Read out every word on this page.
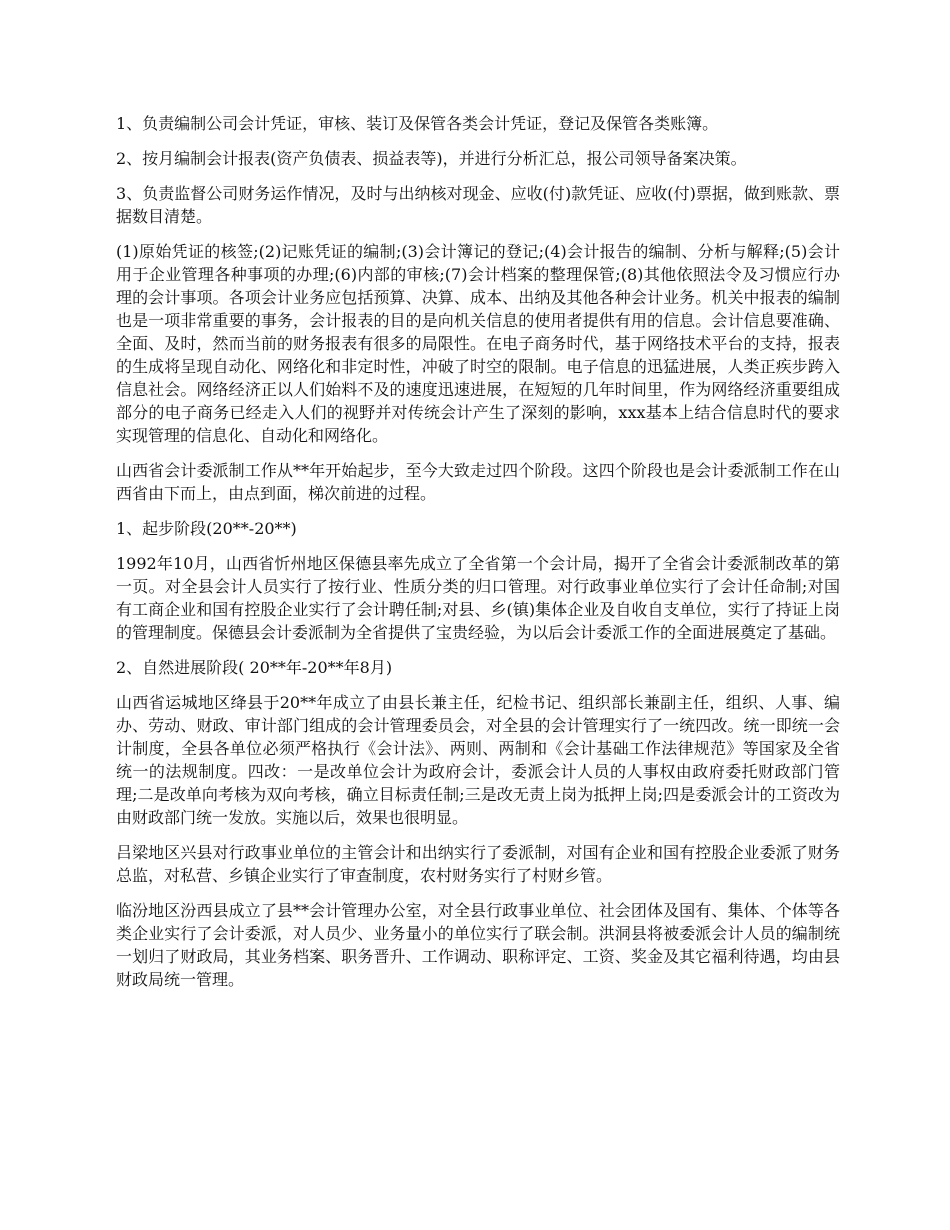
1、负责编制公司会计凭证，审核、装订及保管各类会计凭证，登记及保管各类账簿。

2、按月编制会计报表(资产负债表、损益表等)，并进行分析汇总，报公司领导备案决策。

3、负责监督公司财务运作情况，及时与出纳核对现金、应收(付)款凭证、应收(付)票据，做到账款、票据数目清楚。

(1)原始凭证的核签;(2)记账凭证的编制;(3)会计簿记的登记;(4)会计报告的编制、分析与解释;(5)会计用于企业管理各种事项的办理;(6)内部的审核;(7)会计档案的整理保管;(8)其他依照法令及习惯应行办理的会计事项。各项会计业务应包括预算、决算、成本、出纳及其他各种会计业务。机关中报表的编制也是一项非常重要的事务，会计报表的目的是向机关信息的使用者提供有用的信息。会计信息要准确、全面、及时，然而当前的财务报表有很多的局限性。在电子商务时代，基于网络技术平台的支持，报表的生成将呈现自动化、网络化和非定时性，冲破了时空的限制。电子信息的迅猛进展，人类正疾步跨入信息社会。网络经济正以人们始料不及的速度迅速进展，在短短的几年时间里，作为网络经济重要组成部分的电子商务已经走入人们的视野并对传统会计产生了深刻的影响，xxx基本上结合信息时代的要求实现管理的信息化、自动化和网络化。

山西省会计委派制工作从**年开始起步，至今大致走过四个阶段。这四个阶段也是会计委派制工作在山西省由下而上，由点到面，梯次前进的过程。

1、起步阶段(20**-20**)

1992年10月，山西省忻州地区保德县率先成立了全省第一个会计局，揭开了全省会计委派制改革的第一页。对全县会计人员实行了按行业、性质分类的归口管理。对行政事业单位实行了会计任命制;对国有工商企业和国有控股企业实行了会计聘任制;对县、乡(镇)集体企业及自收自支单位，实行了持证上岗的管理制度。保德县会计委派制为全省提供了宝贵经验，为以后会计委派工作的全面进展奠定了基础。

2、自然进展阶段( 20**年-20**年8月)

山西省运城地区绛县于20**年成立了由县长兼主任，纪检书记、组织部长兼副主任，组织、人事、编办、劳动、财政、审计部门组成的会计管理委员会，对全县的会计管理实行了一统四改。统一即统一会计制度，全县各单位必须严格执行《会计法》、两则、两制和《会计基础工作法律规范》等国家及全省统一的法规制度。四改：一是改单位会计为政府会计，委派会计人员的人事权由政府委托财政部门管理;二是改单向考核为双向考核，确立目标责任制;三是改无责上岗为抵押上岗;四是委派会计的工资改为由财政部门统一发放。实施以后，效果也很明显。

吕梁地区兴县对行政事业单位的主管会计和出纳实行了委派制，对国有企业和国有控股企业委派了财务总监，对私营、乡镇企业实行了审查制度，农村财务实行了村财乡管。

临汾地区汾西县成立了县**会计管理办公室，对全县行政事业单位、社会团体及国有、集体、个体等各类企业实行了会计委派，对人员少、业务量小的单位实行了联会制。洪洞县将被委派会计人员的编制统一划归了财政局，其业务档案、职务晋升、工作调动、职称评定、工资、奖金及其它福利待遇，均由县财政局统一管理。
